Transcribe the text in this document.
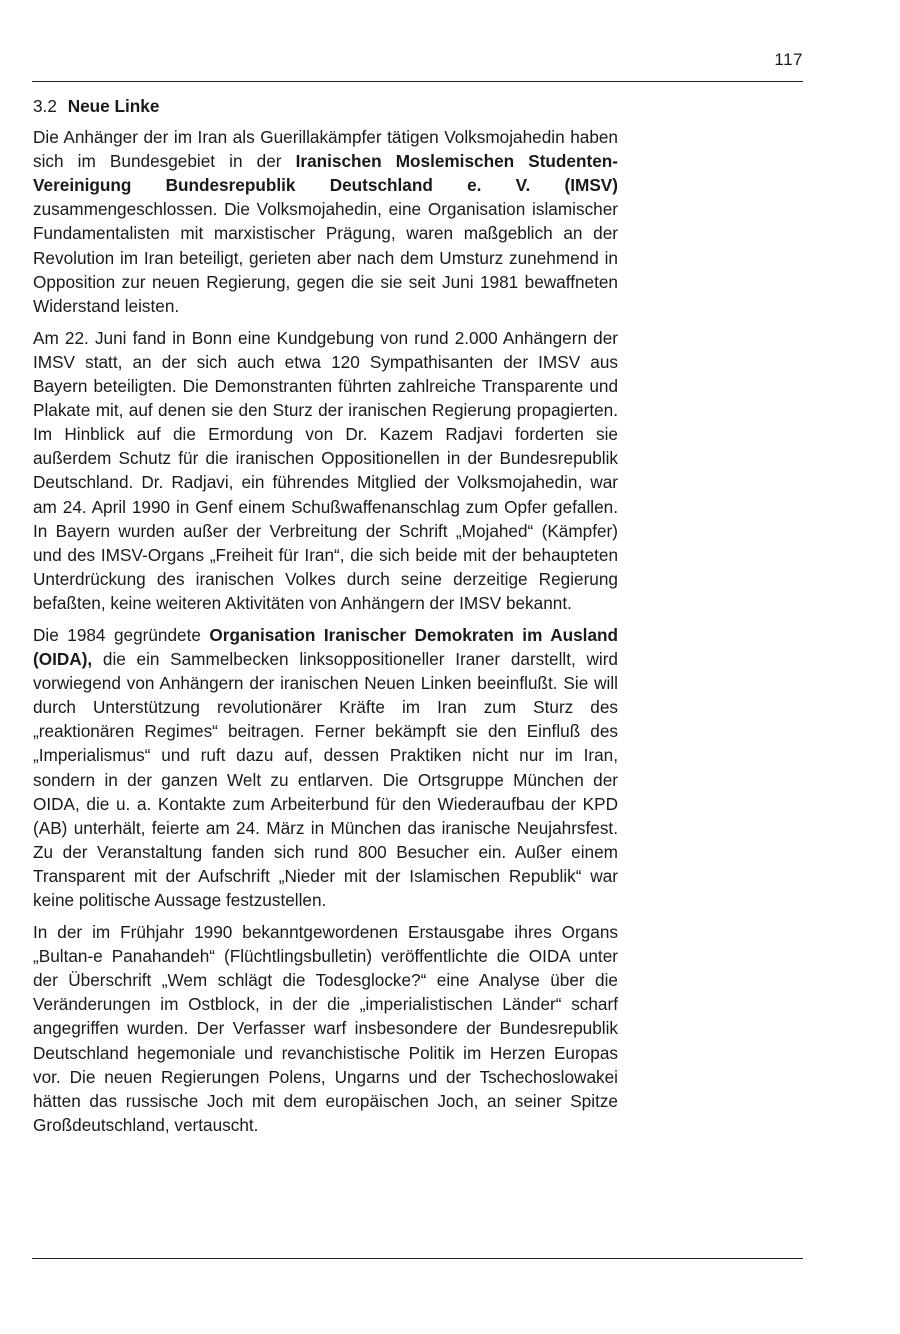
117
3.2 Neue Linke

Die Anhänger der im Iran als Guerillakämpfer tätigen Volksmojahedin haben sich im Bundesgebiet in der Iranischen Moslemischen Studenten-Vereinigung Bundesrepublik Deutschland e. V. (IMSV) zusammengeschlossen. Die Volksmojahedin, eine Organisation islamischer Fundamentalisten mit marxistischer Prägung, waren maßgeblich an der Revolution im Iran beteiligt, gerieten aber nach dem Umsturz zunehmend in Opposition zur neuen Regierung, gegen die sie seit Juni 1981 bewaffneten Widerstand leisten.

Am 22. Juni fand in Bonn eine Kundgebung von rund 2.000 Anhängern der IMSV statt, an der sich auch etwa 120 Sympathisanten der IMSV aus Bayern beteiligten. Die Demonstranten führten zahlreiche Transparente und Plakate mit, auf denen sie den Sturz der iranischen Regierung propagierten. Im Hinblick auf die Ermordung von Dr. Kazem Radjavi forderten sie außerdem Schutz für die iranischen Oppositionellen in der Bundesrepublik Deutschland. Dr. Radjavi, ein führendes Mitglied der Volksmojahedin, war am 24. April 1990 in Genf einem Schußwaffenanschlag zum Opfer gefallen. In Bayern wurden außer der Verbreitung der Schrift „Mojahed“ (Kämpfer) und des IMSV-Organs „Freiheit für Iran“, die sich beide mit der behaupteten Unterdrückung des iranischen Volkes durch seine derzeitige Regierung befaßten, keine weiteren Aktivitäten von Anhängern der IMSV bekannt.

Die 1984 gegründete Organisation Iranischer Demokraten im Ausland (OIDA), die ein Sammelbecken linksoppositioneller Iraner darstellt, wird vorwiegend von Anhängern der iranischen Neuen Linken beeinflußt. Sie will durch Unterstützung revolutionärer Kräfte im Iran zum Sturz des „reaktionären Regimes“ beitragen. Ferner bekämpft sie den Einfluß des „Imperialismus“ und ruft dazu auf, dessen Praktiken nicht nur im Iran, sondern in der ganzen Welt zu entlarven. Die Ortsgruppe München der OIDA, die u. a. Kontakte zum Arbeiterbund für den Wiederaufbau der KPD (AB) unterhält, feierte am 24. März in München das iranische Neujahrsfest. Zu der Veranstaltung fanden sich rund 800 Besucher ein. Außer einem Transparent mit der Aufschrift „Nieder mit der Islamischen Republik“ war keine politische Aussage festzustellen.

In der im Frühjahr 1990 bekanntgewordenen Erstausgabe ihres Organs „Bultan-e Panahandeh“ (Flüchtlingsbulletin) veröffentlichte die OIDA unter der Überschrift „Wem schlägt die Todesglocke?“ eine Analyse über die Veränderungen im Ostblock, in der die „imperialistischen Länder“ scharf angegriffen wurden. Der Verfasser warf insbesondere der Bundesrepublik Deutschland hegemoniale und revanchistische Politik im Herzen Europas vor. Die neuen Regierungen Polens, Ungarns und der Tschechoslowakei hätten das russische Joch mit dem europäischen Joch, an seiner Spitze Großdeutschland, vertauscht.
